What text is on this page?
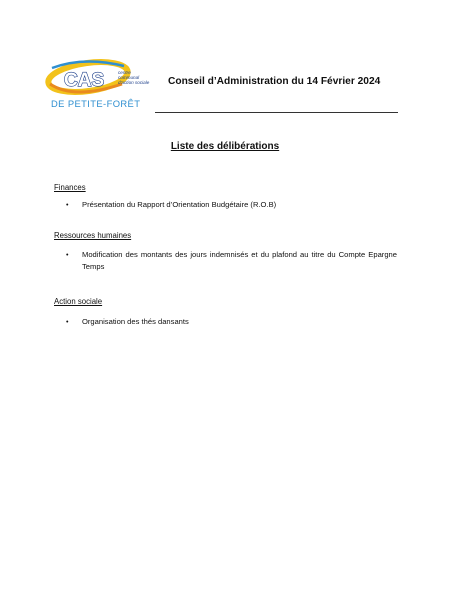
CAS	centre
communal
d'action sociale
DE PETITE-FORÊT
Conseil d’Administration du 14 Février 2024
Liste des délibérations
Finances
• Présentation du Rapport d’Orientation Budgétaire (R.O.B)
Ressources humaines
• Modification des montants des jours indemnisés et du plafond au titre du Compte Epargne Temps
Action sociale
• Organisation des thés dansants
